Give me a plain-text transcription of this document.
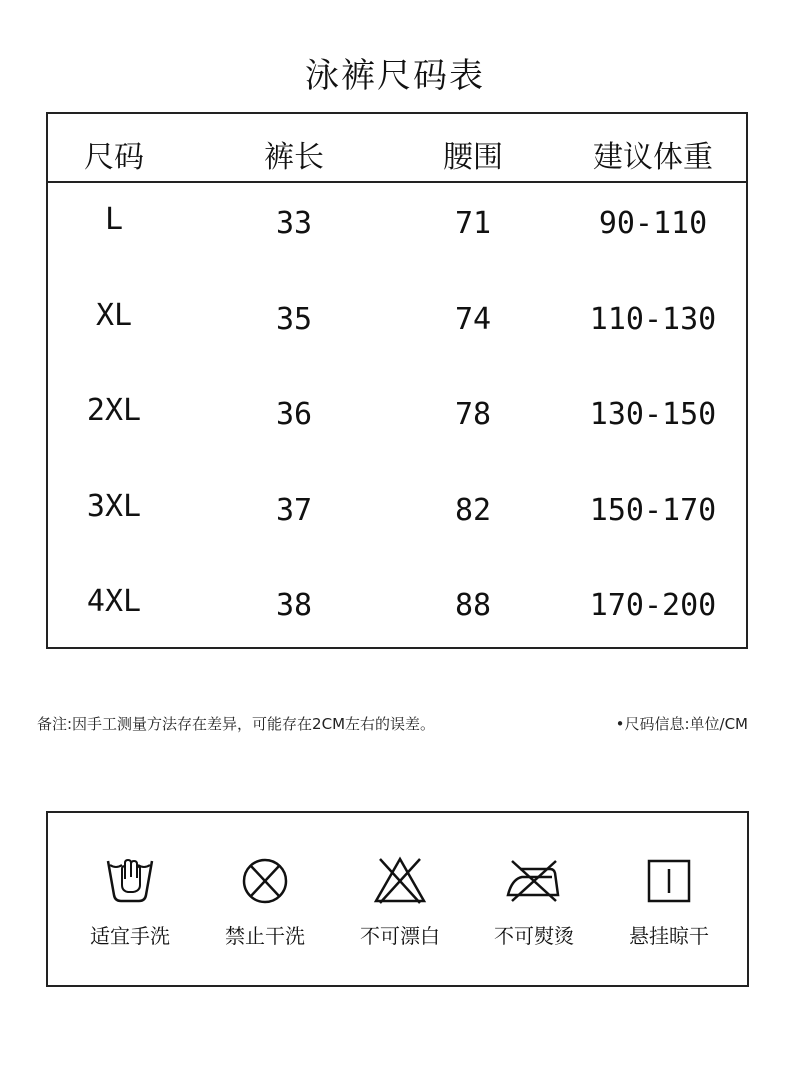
泳裤尺码表
尺码	裤长	腰围	建议体重
L	33	71	90-110
XL	35	74	110-130
2XL	36	78	130-150
3XL	37	82	150-170
4XL	38	88	170-200
备注:因手工测量方法存在差异，可能存在2CM左右的误差。	•尺码信息:单位/CM
适宜手洗	禁止干洗	不可漂白	不可熨烫	悬挂晾干
